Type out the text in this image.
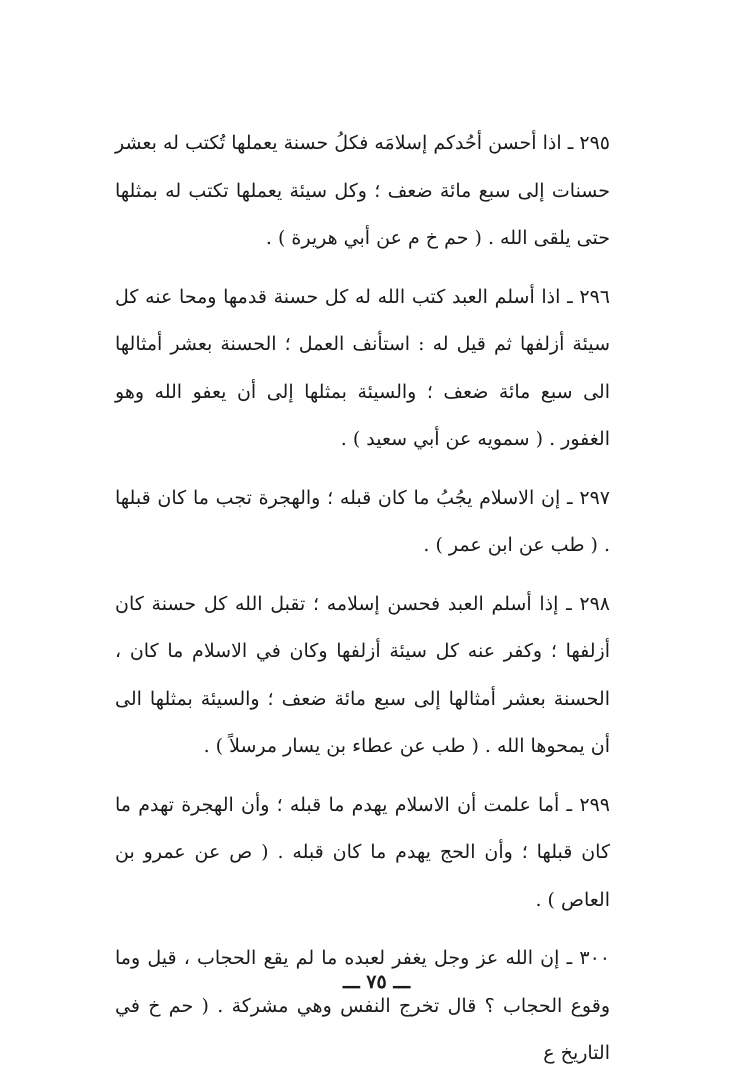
٢٩٥ ـ اذا أحسن أحُدكم إسلامَه فكلُ حسنة يعملها تُكتب له بعشر حسنات إلى سبع مائة ضعف ؛ وكل سيئة يعملها تكتب له بمثلها حتى يلقى الله . ( حم خ م عن أبي هريرة ) .

٢٩٦ ـ اذا أسلم العبد كتب الله له كل حسنة قدمها ومحا عنه كل سيئة أزلفها ثم قيل له : استأنف العمل ؛ الحسنة بعشر أمثالها الى سبع مائة ضعف ؛ والسيئة بمثلها إلى أن يعفو الله وهو الغفور . ( سمويه عن أبي سعيد ) .

٢٩٧ ـ إن الاسلام يجُبُ ما كان قبله ؛ والهجرة تجب ما كان قبلها . ( طب عن ابن عمر ) .

٢٩٨ ـ إذا أسلم العبد فحسن إسلامه ؛ تقبل الله كل حسنة كان أزلفها ؛ وكفر عنه كل سيئة أزلفها وكان في الاسلام ما كان ، الحسنة بعشر أمثالها إلى سبع مائة ضعف ؛ والسيئة بمثلها الى أن يمحوها الله . ( طب عن عطاء بن يسار مرسلاً ) .

٢٩٩ ـ أما علمت أن الاسلام يهدم ما قبله ؛ وأن الهجرة تهدم ما كان قبلها ؛ وأن الحج يهدم ما كان قبله . ( ص عن عمرو بن العاص ) .

٣٠٠ ـ إن الله عز وجل يغفر لعبده ما لم يقع الحجاب ، قيل وما وقوع الحجاب ؟ قال تخرج النفس وهي مشركة . ( حم خ في التاريخ ع

ـــ ٧٥ ـــ
